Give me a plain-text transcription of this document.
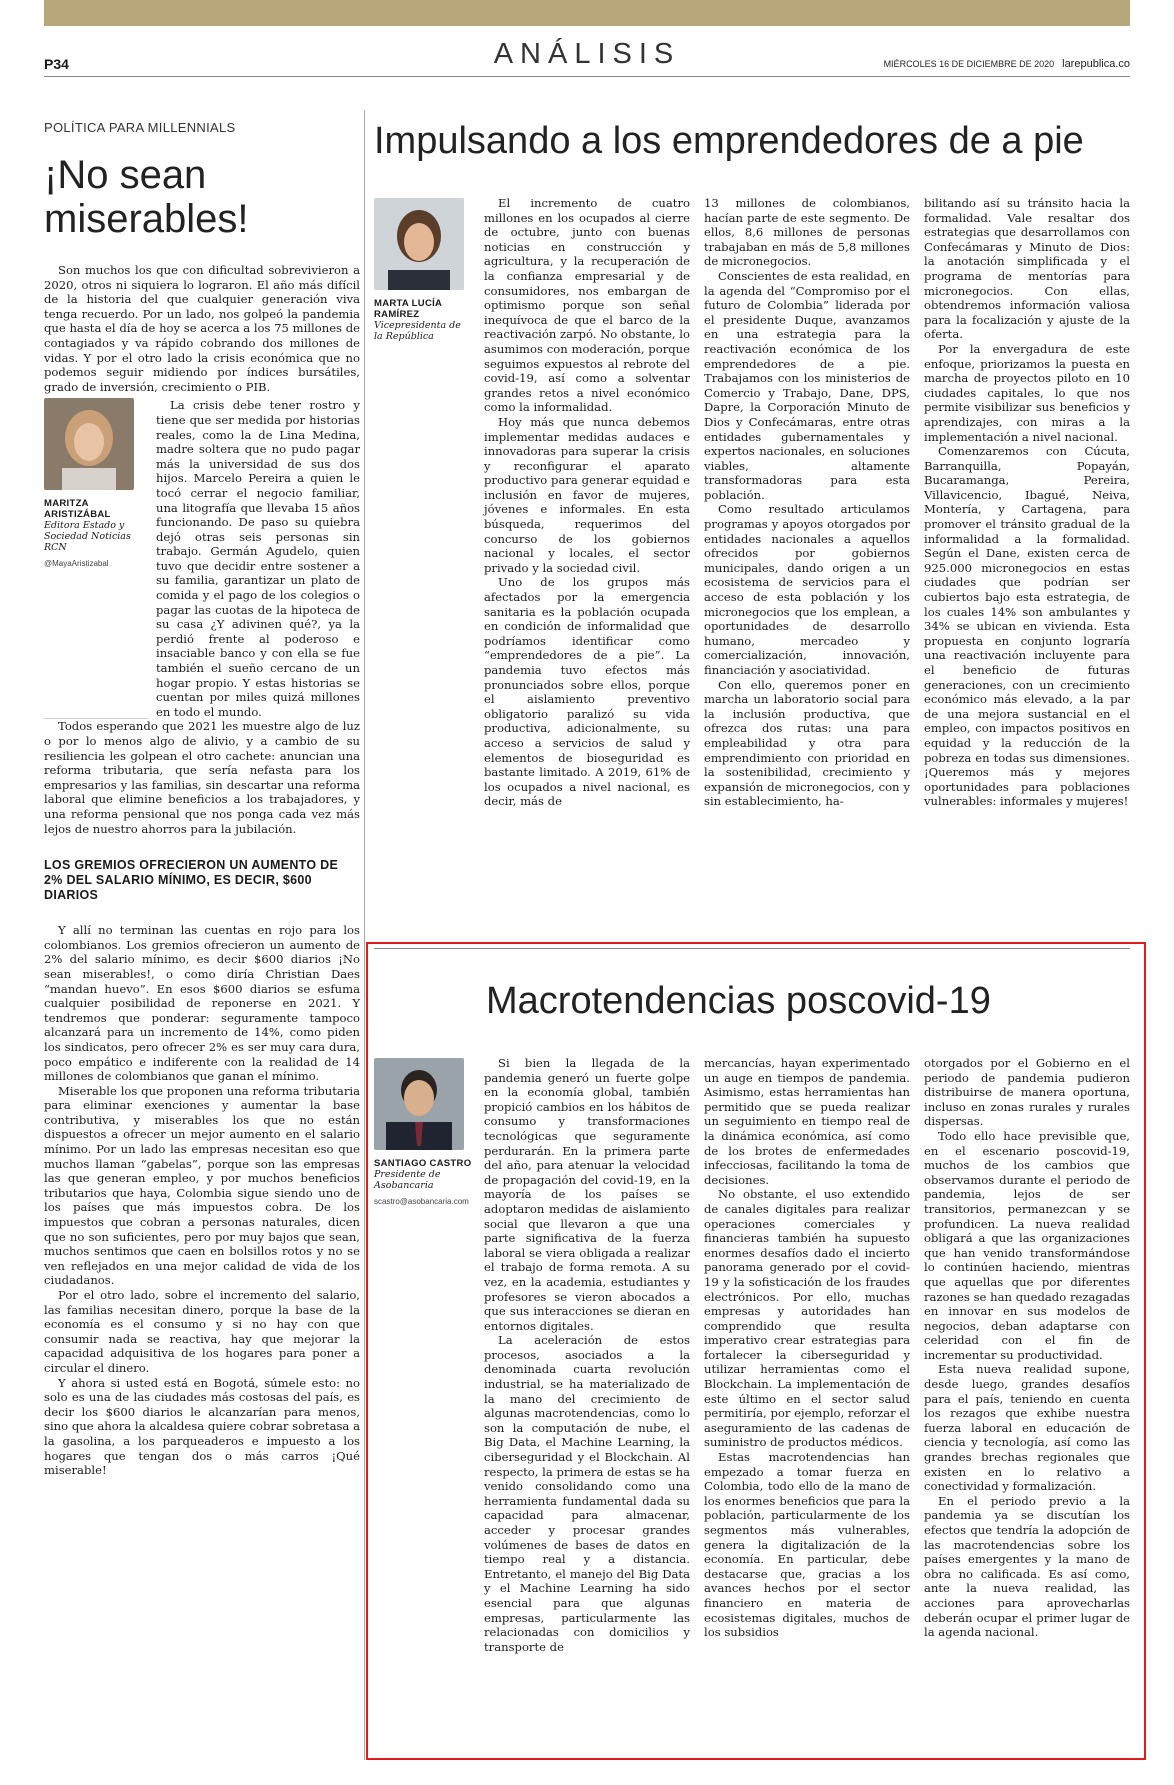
P34	ANÁLISIS	MIÉRCOLES 16 DE DICIEMBRE DE 2020 larepublica.co
POLÍTICA PARA MILLENNIALS
¡No sean miserables!

Son muchos los que con dificultad sobrevivieron a 2020, otros ni siquiera lo lograron. El año más difícil de la historia del que cualquier generación viva tenga recuerdo. Por un lado, nos golpeó la pandemia que hasta el día de hoy se acerca a los 75 millones de contagiados y va rápido cobrando dos millones de vidas. Y por el otro lado la crisis económica que no podemos seguir midiendo por índices bursátiles, grado de inversión, crecimiento o PIB.

MARITZA ARISTIZÁBAL
Editora Estado y Sociedad Noticias RCN
@MayaAristizabal

La crisis debe tener rostro y tiene que ser medida por historias reales, como la de Lina Medina, madre soltera que no pudo pagar más la universidad de sus dos hijos. Marcelo Pereira a quien le tocó cerrar el negocio familiar, una litografía que llevaba 15 años funcionando. De paso su quiebra dejó otras seis personas sin trabajo. Germán Agudelo, quien tuvo que decidir entre sostener a su familia, garantizar un plato de comida y el pago de los colegios o pagar las cuotas de la hipoteca de su casa ¿Y adivinen qué?, ya la perdió frente al poderoso e insaciable banco y con ella se fue también el sueño cercano de un hogar propio. Y estas historias se cuentan por miles quizá millones en todo el mundo.

Todos esperando que 2021 les muestre algo de luz o por lo menos algo de alivio, y a cambio de su resiliencia les golpean el otro cachete: anuncian una reforma tributaria, que sería nefasta para los empresarios y las familias, sin descartar una reforma laboral que elimine beneficios a los trabajadores, y una reforma pensional que nos ponga cada vez más lejos de nuestro ahorros para la jubilación.

LOS GREMIOS OFRECIERON UN AUMENTO DE 2% DEL SALARIO MÍNIMO, ES DECIR, $600 DIARIOS

Y allí no terminan las cuentas en rojo para los colombianos. Los gremios ofrecieron un aumento de 2% del salario mínimo, es decir $600 diarios ¡No sean miserables!, o como diría Christian Daes “mandan huevo”. En esos $600 diarios se esfuma cualquier posibilidad de reponerse en 2021. Y tendremos que ponderar: seguramente tampoco alcanzará para un incremento de 14%, como piden los sindicatos, pero ofrecer 2% es ser muy cara dura, poco empático e indiferente con la realidad de 14 millones de colombianos que ganan el mínimo.

Miserable los que proponen una reforma tributaria para eliminar exenciones y aumentar la base contributiva, y miserables los que no están dispuestos a ofrecer un mejor aumento en el salario mínimo. Por un lado las empresas necesitan eso que muchos llaman “gabelas”, porque son las empresas las que generan empleo, y por muchos beneficios tributarios que haya, Colombia sigue siendo uno de los países que más impuestos cobra. De los impuestos que cobran a personas naturales, dicen que no son suficientes, pero por muy bajos que sean, muchos sentimos que caen en bolsillos rotos y no se ven reflejados en una mejor calidad de vida de los ciudadanos.

Por el otro lado, sobre el incremento del salario, las familias necesitan dinero, porque la base de la economía es el consumo y si no hay con que consumir nada se reactiva, hay que mejorar la capacidad adquisitiva de los hogares para poner a circular el dinero.

Y ahora si usted está en Bogotá, súmele esto: no solo es una de las ciudades más costosas del país, es decir los $600 diarios le alcanzarían para menos, sino que ahora la alcaldesa quiere cobrar sobretasa a la gasolina, a los parqueaderos e impuesto a los hogares que tengan dos o más carros ¡Qué miserable!

Impulsando a los emprendedores de a pie
MARTA LUCÍA RAMÍREZ
Vicepresidenta de la República

El incremento de cuatro millones en los ocupados al cierre de octubre, junto con buenas noticias en construcción y agricultura, y la recuperación de la confianza empresarial y de consumidores, nos embargan de optimismo porque son señal inequívoca de que el barco de la reactivación zarpó. No obstante, lo asumimos con moderación, porque seguimos expuestos al rebrote del covid-19, así como a solventar grandes retos a nivel económico como la informalidad.

Hoy más que nunca debemos implementar medidas audaces e innovadoras para superar la crisis y reconfigurar el aparato productivo para generar equidad e inclusión en favor de mujeres, jóvenes e informales. En esta búsqueda, requerimos del concurso de los gobiernos nacional y locales, el sector privado y la sociedad civil.

Uno de los grupos más afectados por la emergencia sanitaria es la población ocupada en condición de informalidad que podríamos identificar como “emprendedores de a pie”. La pandemia tuvo efectos más pronunciados sobre ellos, porque el aislamiento preventivo obligatorio paralizó su vida productiva, adicionalmente, su acceso a servicios de salud y elementos de bioseguridad es bastante limitado. A 2019, 61% de los ocupados a nivel nacional, es decir, más de

13 millones de colombianos, hacían parte de este segmento. De ellos, 8,6 millones de personas trabajaban en más de 5,8 millones de micronegocios.

Conscientes de esta realidad, en la agenda del “Compromiso por el futuro de Colombia” liderada por el presidente Duque, avanzamos en una estrategia para la reactivación económica de los emprendedores de a pie. Trabajamos con los ministerios de Comercio y Trabajo, Dane, DPS, Dapre, la Corporación Minuto de Dios y Confecámaras, entre otras entidades gubernamentales y expertos nacionales, en soluciones viables, altamente transformadoras para esta población.

Como resultado articulamos programas y apoyos otorgados por entidades nacionales a aquellos ofrecidos por gobiernos municipales, dando origen a un ecosistema de servicios para el acceso de esta población y los micronegocios que los emplean, a oportunidades de desarrollo humano, mercadeo y comercialización, innovación, financiación y asociatividad.

Con ello, queremos poner en marcha un laboratorio social para la inclusión productiva, que ofrezca dos rutas: una para empleabilidad y otra para emprendimiento con prioridad en la sostenibilidad, crecimiento y expansión de micronegocios, con y sin establecimiento, ha-

bilitando así su tránsito hacia la formalidad. Vale resaltar dos estrategias que desarrollamos con Confecámaras y Minuto de Dios: la anotación simplificada y el programa de mentorías para micronegocios. Con ellas, obtendremos información valiosa para la focalización y ajuste de la oferta.

Por la envergadura de este enfoque, priorizamos la puesta en marcha de proyectos piloto en 10 ciudades capitales, lo que nos permite visibilizar sus beneficios y aprendizajes, con miras a la implementación a nivel nacional.

Comenzaremos con Cúcuta, Barranquilla, Popayán, Bucaramanga, Pereira, Villavicencio, Ibagué, Neiva, Montería, y Cartagena, para promover el tránsito gradual de la informalidad a la formalidad. Según el Dane, existen cerca de 925.000 micronegocios en estas ciudades que podrían ser cubiertos bajo esta estrategia, de los cuales 14% son ambulantes y 34% se ubican en vivienda. Esta propuesta en conjunto lograría una reactivación incluyente para el beneficio de futuras generaciones, con un crecimiento económico más elevado, a la par de una mejora sustancial en el empleo, con impactos positivos en equidad y la reducción de la pobreza en todas sus dimensiones. ¡Queremos más y mejores oportunidades para poblaciones vulnerables: informales y mujeres!

Macrotendencias poscovid-19
SANTIAGO CASTRO
Presidente de Asobancaria
scastro@asobancaria.com

Si bien la llegada de la pandemia generó un fuerte golpe en la economía global, también propició cambios en los hábitos de consumo y transformaciones tecnológicas que seguramente perdurarán. En la primera parte del año, para atenuar la velocidad de propagación del covid-19, en la mayoría de los países se adoptaron medidas de aislamiento social que llevaron a que una parte significativa de la fuerza laboral se viera obligada a realizar el trabajo de forma remota. A su vez, en la academia, estudiantes y profesores se vieron abocados a que sus interacciones se dieran en entornos digitales.

La aceleración de estos procesos, asociados a la denominada cuarta revolución industrial, se ha materializado de la mano del crecimiento de algunas macrotendencias, como lo son la computación de nube, el Big Data, el Machine Learning, la ciberseguridad y el Blockchain. Al respecto, la primera de estas se ha venido consolidando como una herramienta fundamental dada su capacidad para almacenar, acceder y procesar grandes volúmenes de bases de datos en tiempo real y a distancia. Entretanto, el manejo del Big Data y el Machine Learning ha sido esencial para que algunas empresas, particularmente las relacionadas con domicilios y transporte de

mercancías, hayan experimentado un auge en tiempos de pandemia. Asimismo, estas herramientas han permitido que se pueda realizar un seguimiento en tiempo real de la dinámica económica, así como de los brotes de enfermedades infecciosas, facilitando la toma de decisiones.

No obstante, el uso extendido de canales digitales para realizar operaciones comerciales y financieras también ha supuesto enormes desafíos dado el incierto panorama generado por el covid-19 y la sofisticación de los fraudes electrónicos. Por ello, muchas empresas y autoridades han comprendido que resulta imperativo crear estrategias para fortalecer la ciberseguridad y utilizar herramientas como el Blockchain. La implementación de este último en el sector salud permitiría, por ejemplo, reforzar el aseguramiento de las cadenas de suministro de productos médicos.

Estas macrotendencias han empezado a tomar fuerza en Colombia, todo ello de la mano de los enormes beneficios que para la población, particularmente de los segmentos más vulnerables, genera la digitalización de la economía. En particular, debe destacarse que, gracias a los avances hechos por el sector financiero en materia de ecosistemas digitales, muchos de los subsidios

otorgados por el Gobierno en el periodo de pandemia pudieron distribuirse de manera oportuna, incluso en zonas rurales y rurales dispersas.

Todo ello hace previsible que, en el escenario poscovid-19, muchos de los cambios que observamos durante el periodo de pandemia, lejos de ser transitorios, permanezcan y se profundicen. La nueva realidad obligará a que las organizaciones que han venido transformándose lo continúen haciendo, mientras que aquellas que por diferentes razones se han quedado rezagadas en innovar en sus modelos de negocios, deban adaptarse con celeridad con el fin de incrementar su productividad.

Esta nueva realidad supone, desde luego, grandes desafíos para el país, teniendo en cuenta los rezagos que exhibe nuestra fuerza laboral en educación de ciencia y tecnología, así como las grandes brechas regionales que existen en lo relativo a conectividad y formalización.

En el periodo previo a la pandemia ya se discutían los efectos que tendría la adopción de las macrotendencias sobre los países emergentes y la mano de obra no calificada. Es así como, ante la nueva realidad, las acciones para aprovecharlas deberán ocupar el primer lugar de la agenda nacional.
